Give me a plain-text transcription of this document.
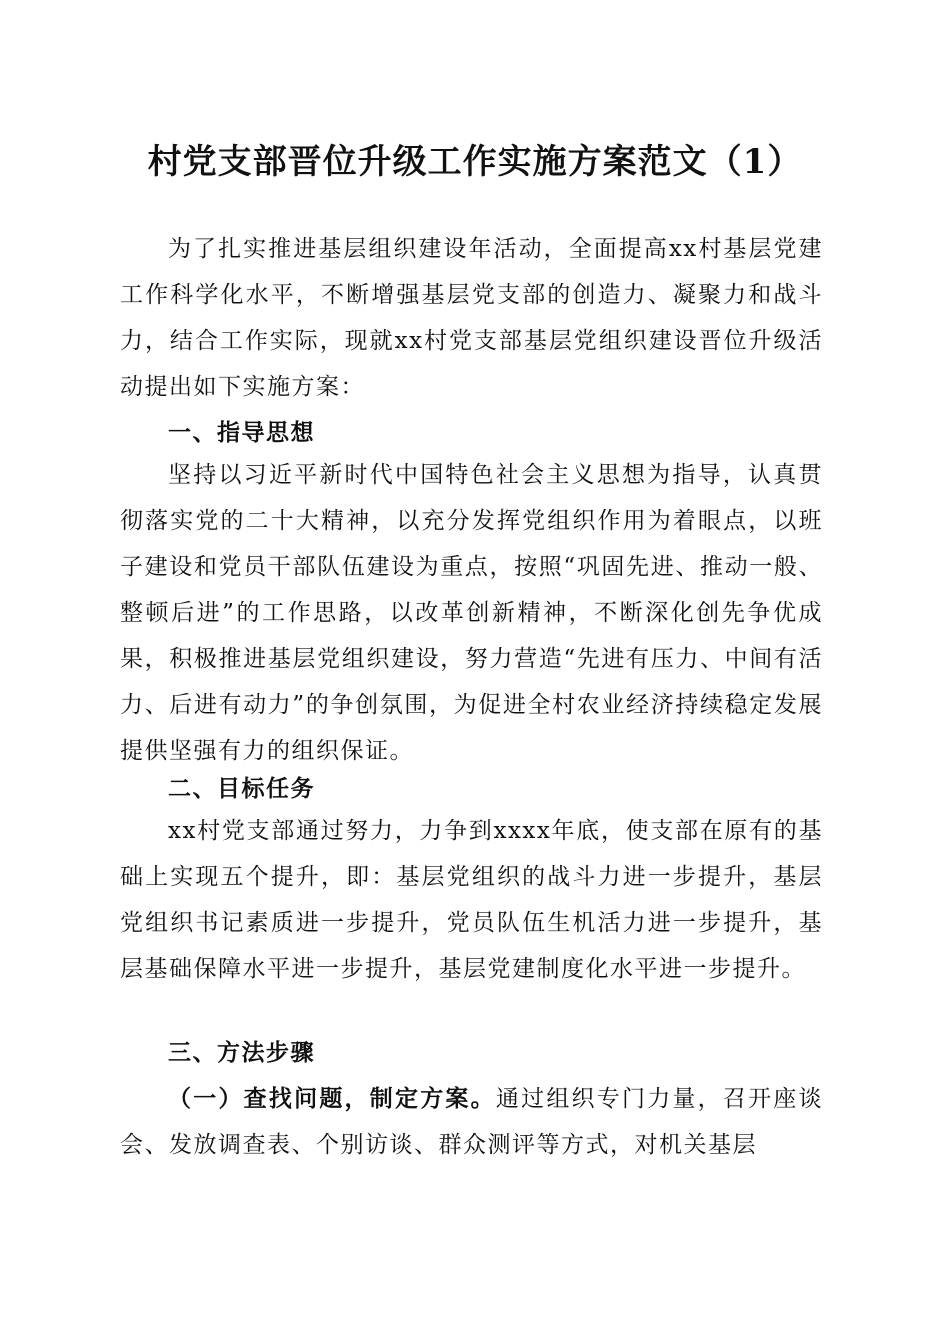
村党支部晋位升级工作实施方案范文（1）

为了扎实推进基层组织建设年活动，全面提高xx村基层党建工作科学化水平，不断增强基层党支部的创造力、凝聚力和战斗力，结合工作实际，现就xx村党支部基层党组织建设晋位升级活动提出如下实施方案：

一、指导思想

坚持以习近平新时代中国特色社会主义思想为指导，认真贯彻落实党的二十大精神，以充分发挥党组织作用为着眼点，以班子建设和党员干部队伍建设为重点，按照“巩固先进、推动一般、整顿后进”的工作思路，以改革创新精神，不断深化创先争优成果，积极推进基层党组织建设，努力营造“先进有压力、中间有活力、后进有动力”的争创氛围，为促进全村农业经济持续稳定发展提供坚强有力的组织保证。

二、目标任务

xx村党支部通过努力，力争到xxxx年底，使支部在原有的基础上实现五个提升，即：基层党组织的战斗力进一步提升，基层党组织书记素质进一步提升，党员队伍生机活力进一步提升，基层基础保障水平进一步提升，基层党建制度化水平进一步提升。

三、方法步骤

（一）查找问题，制定方案。通过组织专门力量，召开座谈会、发放调查表、个别访谈、群众测评等方式，对机关基层
